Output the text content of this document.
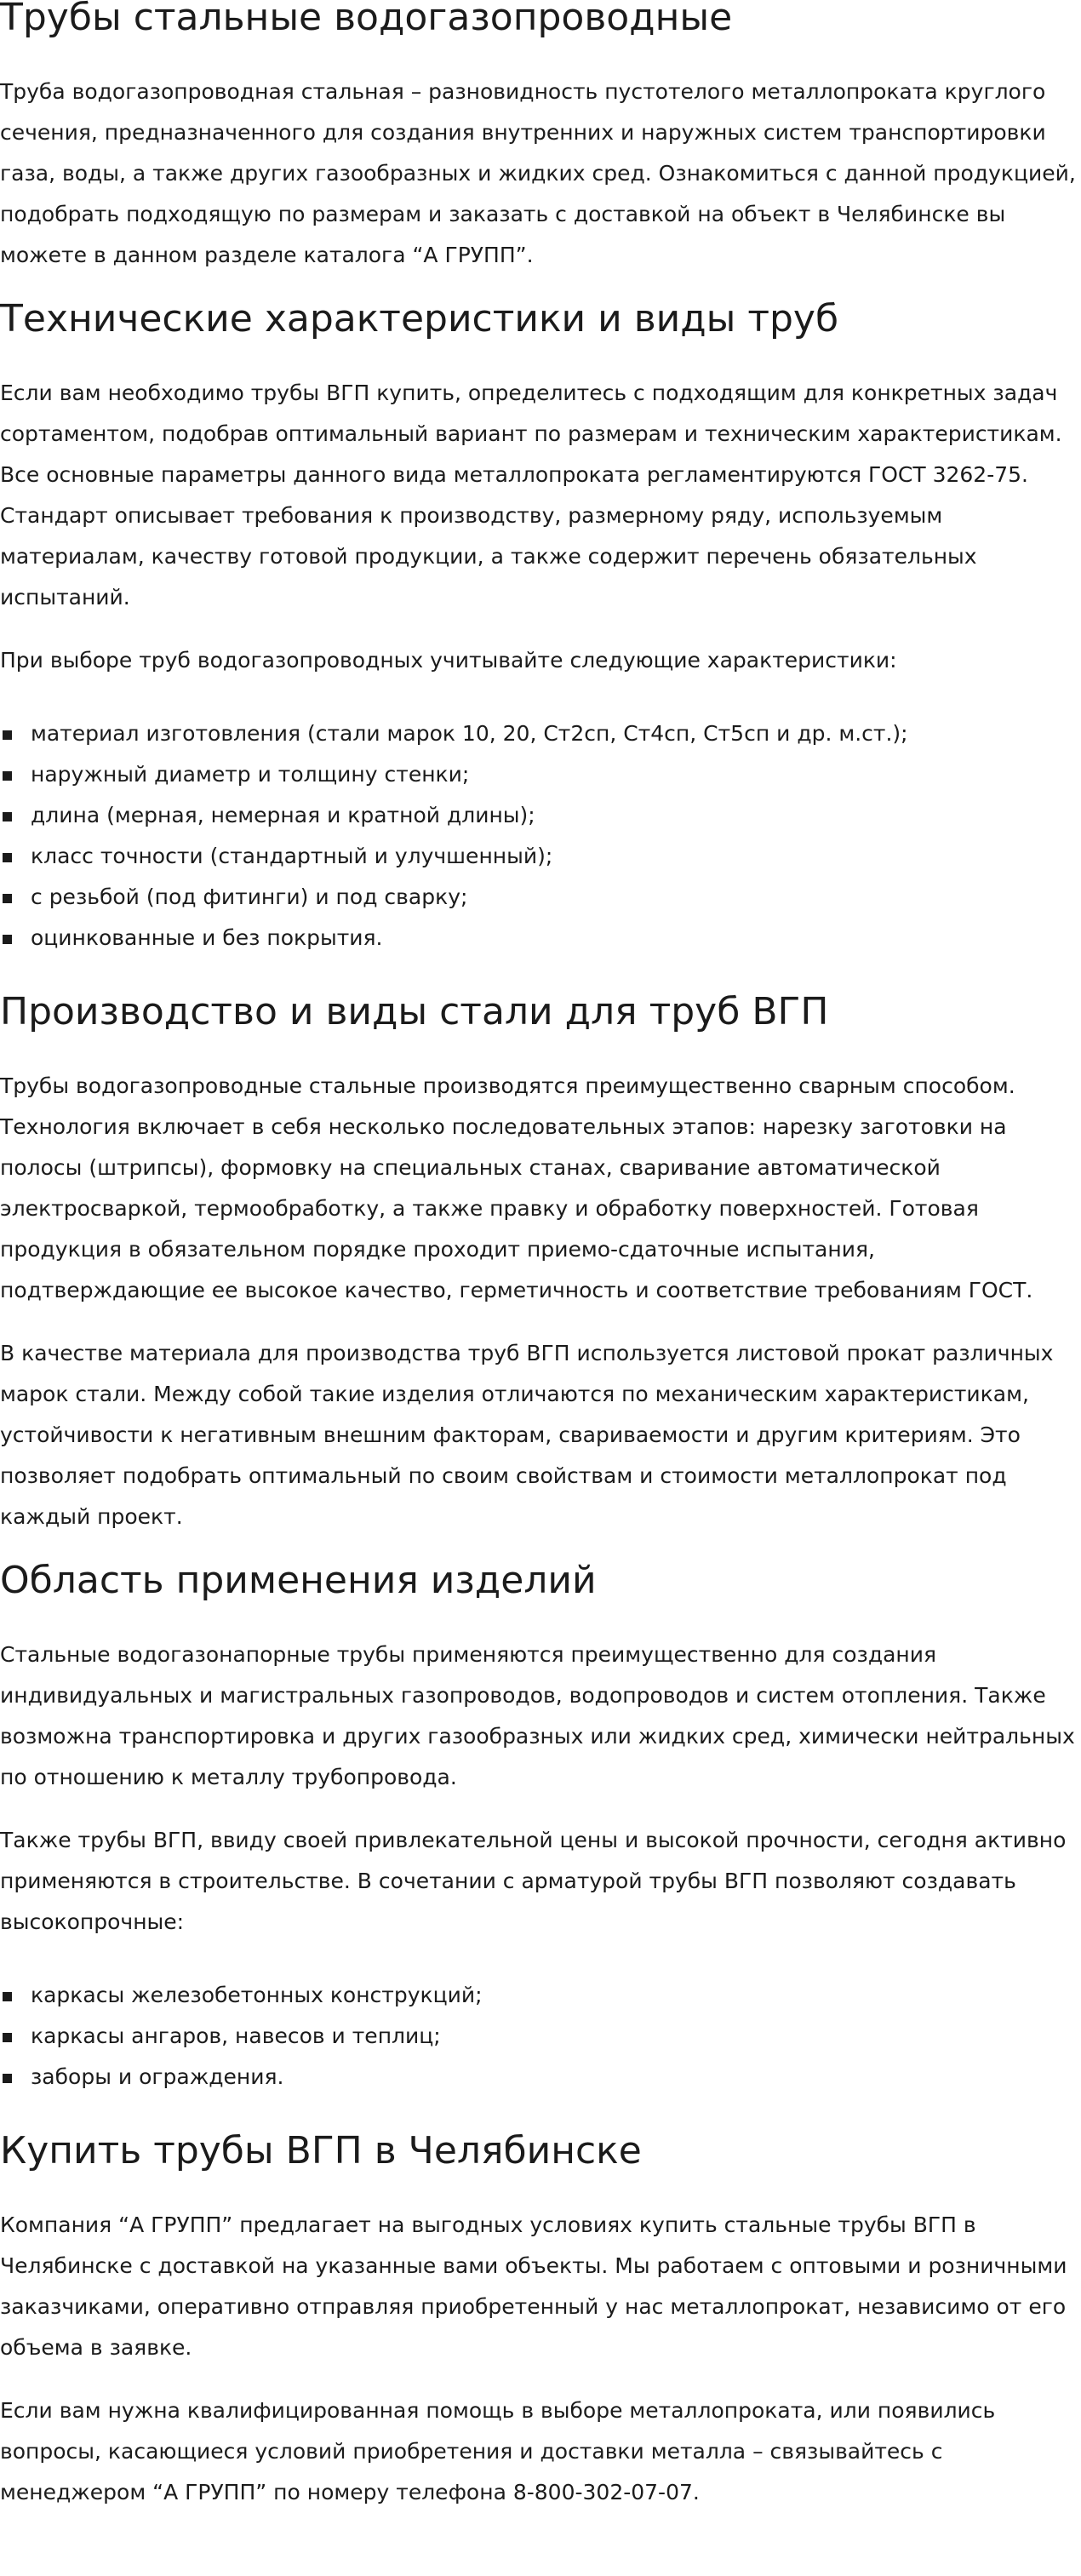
Трубы стальные водогазопроводные

Труба водогазопроводная стальная – разновидность пустотелого металлопроката круглого сечения, предназначенного для создания внутренних и наружных систем транспортировки газа, воды, а также других газообразных и жидких сред. Ознакомиться с данной продукцией, подобрать подходящую по размерам и заказать с доставкой на объект в Челябинске вы можете в данном разделе каталога “А ГРУПП”.

Технические характеристики и виды труб

Если вам необходимо трубы ВГП купить, определитесь с подходящим для конкретных задач сортаментом, подобрав оптимальный вариант по размерам и техническим характеристикам. Все основные параметры данного вида металлопроката регламентируются ГОСТ 3262-75. Стандарт описывает требования к производству, размерному ряду, используемым материалам, качеству готовой продукции, а также содержит перечень обязательных испытаний.

При выборе труб водогазопроводных учитывайте следующие характеристики:

материал изготовления (стали марок 10, 20, Ст2сп, Ст4сп, Ст5сп и др. м.ст.);
наружный диаметр и толщину стенки;
длина (мерная, немерная и кратной длины);
класс точности (стандартный и улучшенный);
с резьбой (под фитинги) и под сварку;
оцинкованные и без покрытия.
Производство и виды стали для труб ВГП

Трубы водогазопроводные стальные производятся преимущественно сварным способом. Технология включает в себя несколько последовательных этапов: нарезку заготовки на полосы (штрипсы), формовку на специальных станах, сваривание автоматической электросваркой, термообработку, а также правку и обработку поверхностей. Готовая продукция в обязательном порядке проходит приемо-сдаточные испытания, подтверждающие ее высокое качество, герметичность и соответствие требованиям ГОСТ.

В качестве материала для производства труб ВГП используется листовой прокат различных марок стали. Между собой такие изделия отличаются по механическим характеристикам, устойчивости к негативным внешним факторам, свариваемости и другим критериям. Это позволяет подобрать оптимальный по своим свойствам и стоимости металлопрокат под каждый проект.

Область применения изделий

Стальные водогазонапорные трубы применяются преимущественно для создания индивидуальных и магистральных газопроводов, водопроводов и систем отопления. Также возможна транспортировка и других газообразных или жидких сред, химически нейтральных по отношению к металлу трубопровода.

Также трубы ВГП, ввиду своей привлекательной цены и высокой прочности, сегодня активно применяются в строительстве. В сочетании с арматурой трубы ВГП позволяют создавать высокопрочные:

каркасы железобетонных конструкций;
каркасы ангаров, навесов и теплиц;
заборы и ограждения.
Купить трубы ВГП в Челябинске

Компания “А ГРУПП” предлагает на выгодных условиях купить стальные трубы ВГП в Челябинске с доставкой на указанные вами объекты. Мы работаем с оптовыми и розничными заказчиками, оперативно отправляя приобретенный у нас металлопрокат, независимо от его объема в заявке.

Если вам нужна квалифицированная помощь в выборе металлопроката, или появились вопросы, касающиеся условий приобретения и доставки металла – связывайтесь с менеджером “А ГРУПП” по номеру телефона 8-800-302-07-07.
